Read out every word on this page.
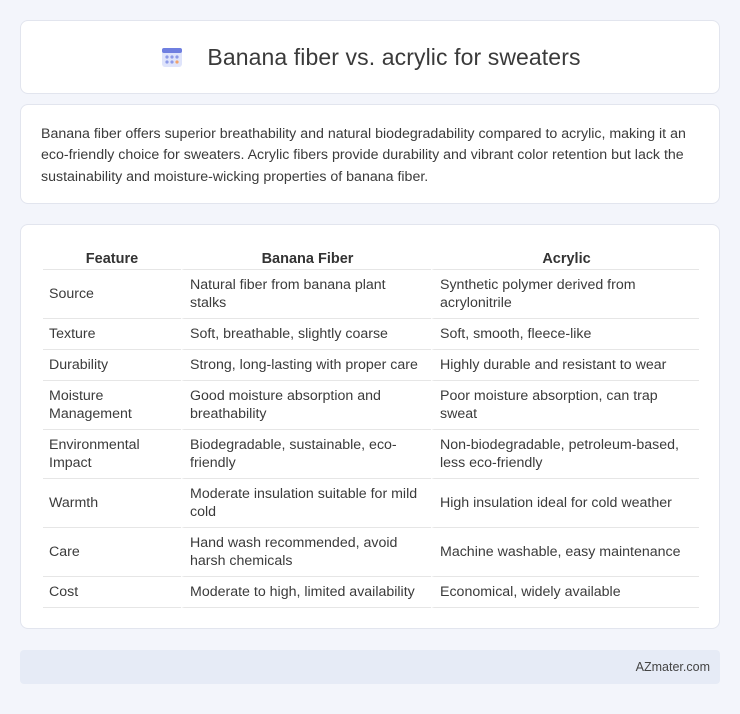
Banana fiber vs. acrylic for sweaters

Banana fiber offers superior breathability and natural biodegradability compared to acrylic, making it an eco-friendly choice for sweaters. Acrylic fibers provide durability and vibrant color retention but lack the sustainability and moisture-wicking properties of banana fiber.

Feature	Banana Fiber	Acrylic
Source	Natural fiber from banana plant stalks	Synthetic polymer derived from acrylonitrile
Texture	Soft, breathable, slightly coarse	Soft, smooth, fleece-like
Durability	Strong, long-lasting with proper care	Highly durable and resistant to wear
Moisture Management	Good moisture absorption and breathability	Poor moisture absorption, can trap sweat
Environmental Impact	Biodegradable, sustainable, eco-friendly	Non-biodegradable, petroleum-based, less eco-friendly
Warmth	Moderate insulation suitable for mild cold	High insulation ideal for cold weather
Care	Hand wash recommended, avoid harsh chemicals	Machine washable, easy maintenance
Cost	Moderate to high, limited availability	Economical, widely available
AZmater.com
